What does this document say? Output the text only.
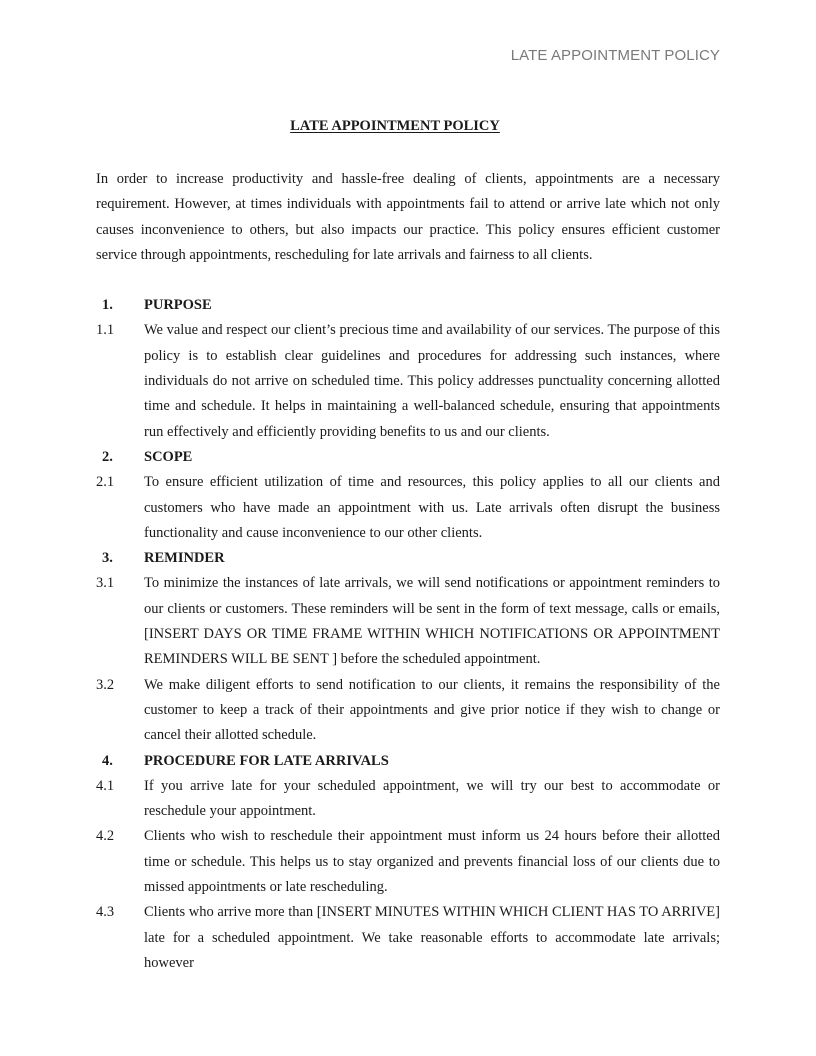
LATE APPOINTMENT POLICY
LATE APPOINTMENT POLICY

In order to increase productivity and hassle-free dealing of clients, appointments are a necessary requirement. However, at times individuals with appointments fail to attend or arrive late which not only causes inconvenience to others, but also impacts our practice. This policy ensures efficient customer service through appointments, rescheduling for late arrivals and fairness to all clients.

1.	PURPOSE
1.1	We value and respect our client’s precious time and availability of our services. The purpose of this policy is to establish clear guidelines and procedures for addressing such instances, where individuals do not arrive on scheduled time. This policy addresses punctuality concerning allotted time and schedule. It helps in maintaining a well-balanced schedule, ensuring that appointments run effectively and efficiently providing benefits to us and our clients.
2.	SCOPE
2.1	To ensure efficient utilization of time and resources, this policy applies to all our clients and customers who have made an appointment with us. Late arrivals often disrupt the business functionality and cause inconvenience to our other clients.
3.	REMINDER
3.1	To minimize the instances of late arrivals, we will send notifications or appointment reminders to our clients or customers. These reminders will be sent in the form of text message, calls or emails, [INSERT DAYS OR TIME FRAME WITHIN WHICH NOTIFICATIONS OR APPOINTMENT REMINDERS WILL BE SENT ] before the scheduled appointment.
3.2	We make diligent efforts to send notification to our clients, it remains the responsibility of the customer to keep a track of their appointments and give prior notice if they wish to change or cancel their allotted schedule.
4.	PROCEDURE FOR LATE ARRIVALS
4.1	If you arrive late for your scheduled appointment, we will try our best to accommodate or reschedule your appointment.
4.2	Clients who wish to reschedule their appointment must inform us 24 hours before their allotted time or schedule. This helps us to stay organized and prevents financial loss of our clients due to missed appointments or late rescheduling.
4.3	Clients who arrive more than [INSERT MINUTES WITHIN WHICH CLIENT HAS TO ARRIVE] late for a scheduled appointment. We take reasonable efforts to accommodate late arrivals; however
